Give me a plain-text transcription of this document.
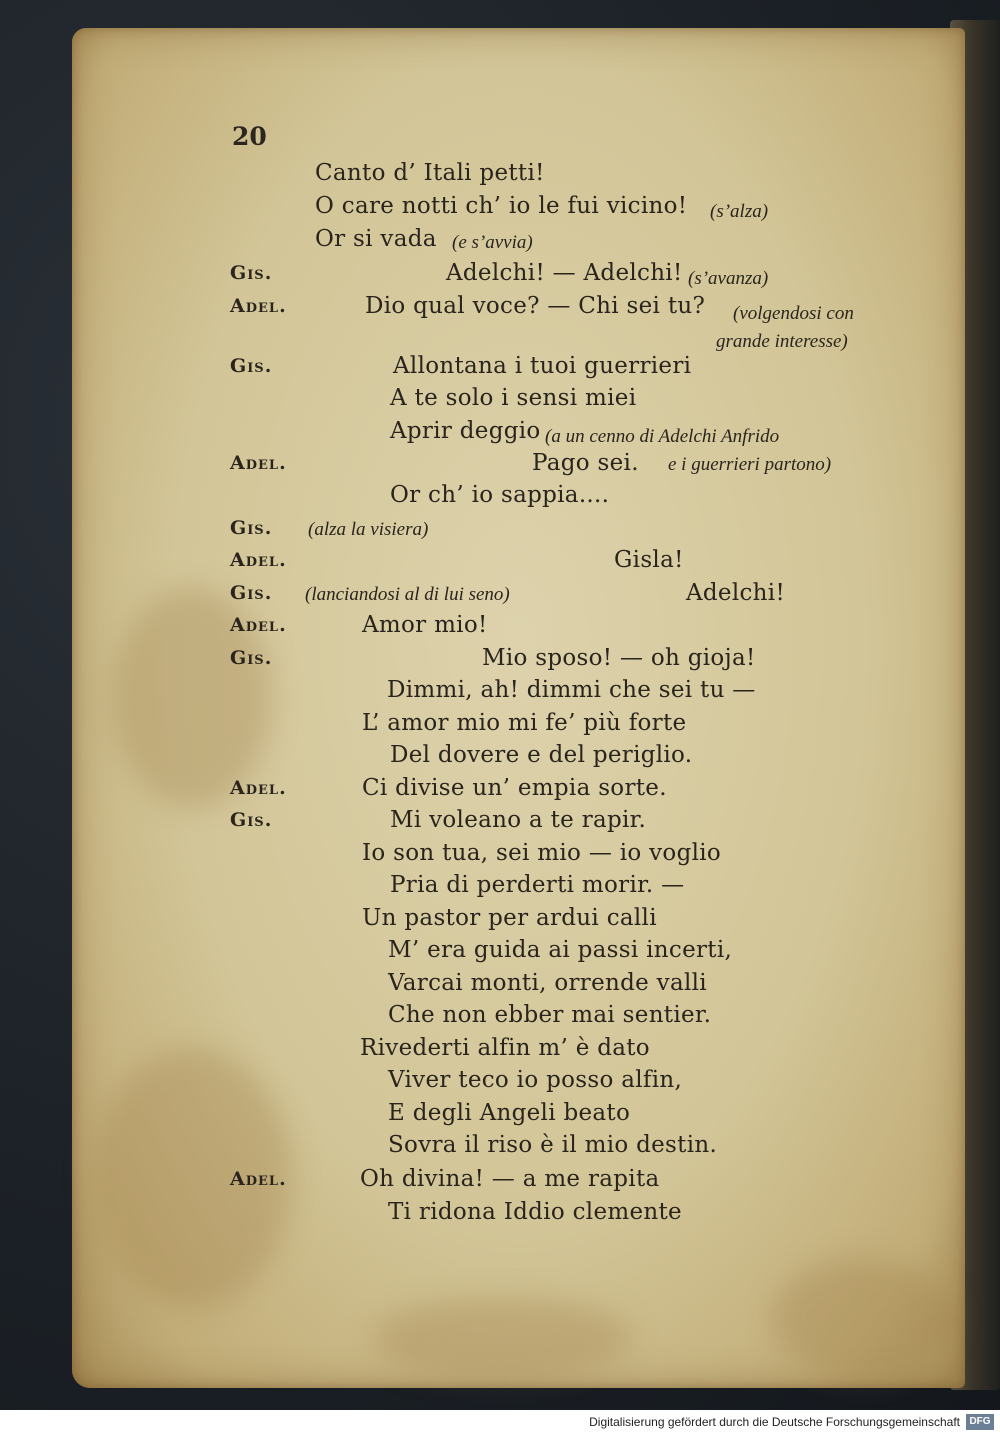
20
Canto d’ Itali petti!
O care notti ch’ io le fui vicino! (s’alza)
Or si vada (e s’avvia)
Gis.	Adelchi! — Adelchi! (s’avanza)
Adel.	Dio qual voce? — Chi sei tu? (volgendosi con
grande interesse)
Gis.	Allontana i tuoi guerrieri
A te solo i sensi miei
Aprir deggio (a un cenno di Adelchi Anfrido
Adel.	Pago sei. e i guerrieri partono)
Or ch’ io sappia....
Gis. (alza la visiera)
Adel.	Gisla!
Gis.	Adelchi!
(lanciandosi al di lui seno)
Adel.	Amor mio!
Gis.	Mio sposo! — oh gioja!
Dimmi, ah! dimmi che sei tu —
L’ amor mio mi fe’ più forte
Del dovere e del periglio.
Adel.	Ci divise un’ empia sorte.
Gis.	Mi voleano a te rapir.
Io son tua, sei mio — io voglio
Pria di perderti morir. —
Un pastor per ardui calli
M’ era guida ai passi incerti,
Varcai monti, orrende valli
Che non ebber mai sentier.
Rivederti alfin m’ è dato
Viver teco io posso alfin,
E degli Angeli beato
Sovra il riso è il mio destin.
Adel.	Oh divina! — a me rapita
Ti ridona Iddio clemente
Digitalisierung gefördert durch die Deutsche Forschungsgemeinschaft DFG
